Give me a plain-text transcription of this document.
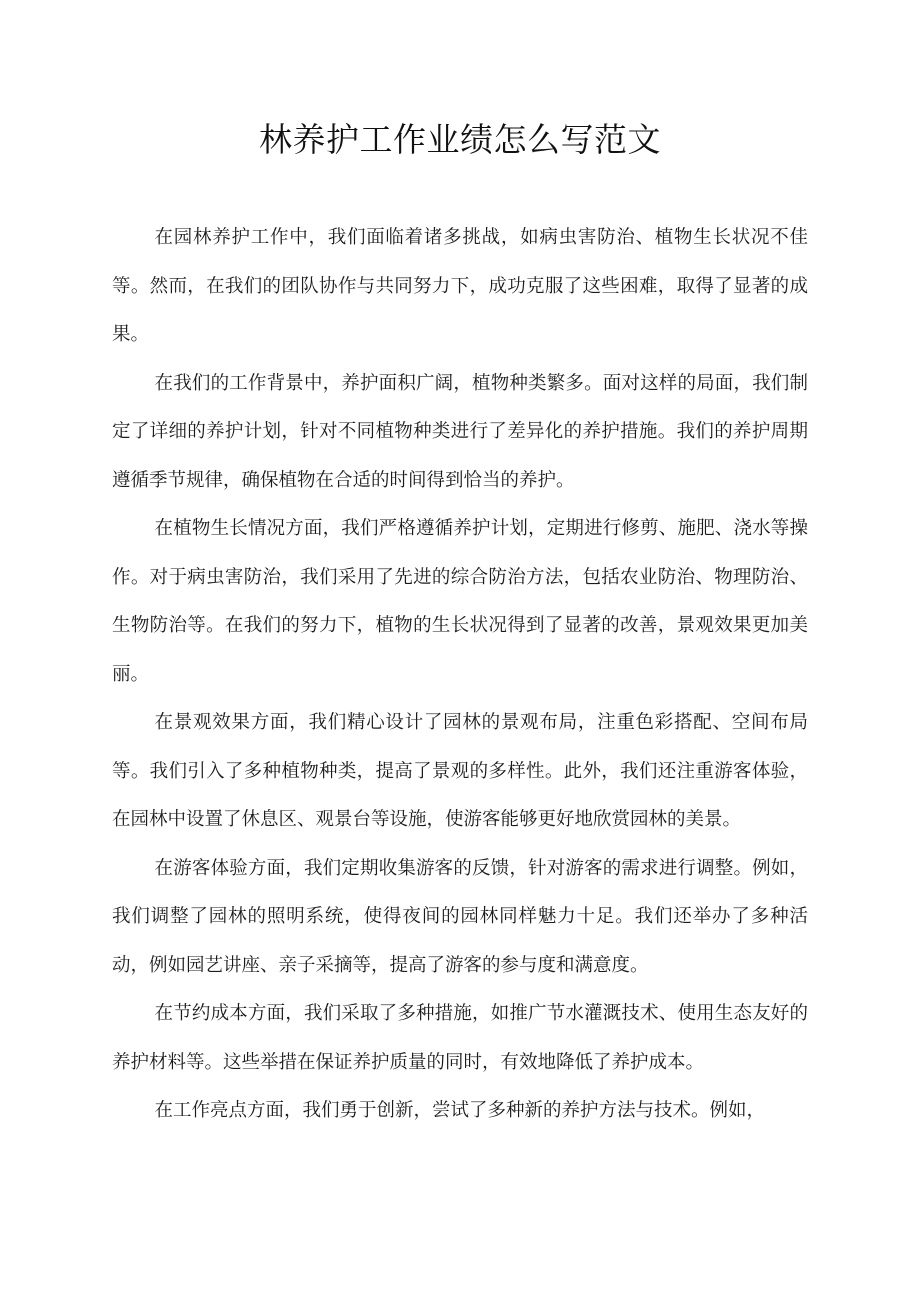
林养护工作业绩怎么写范文

在园林养护工作中，我们面临着诸多挑战，如病虫害防治、植物生长状况不佳等。然而，在我们的团队协作与共同努力下，成功克服了这些困难，取得了显著的成果。

在我们的工作背景中，养护面积广阔，植物种类繁多。面对这样的局面，我们制定了详细的养护计划，针对不同植物种类进行了差异化的养护措施。我们的养护周期遵循季节规律，确保植物在合适的时间得到恰当的养护。

在植物生长情况方面，我们严格遵循养护计划，定期进行修剪、施肥、浇水等操作。对于病虫害防治，我们采用了先进的综合防治方法，包括农业防治、物理防治、生物防治等。在我们的努力下，植物的生长状况得到了显著的改善，景观效果更加美丽。

在景观效果方面，我们精心设计了园林的景观布局，注重色彩搭配、空间布局等。我们引入了多种植物种类，提高了景观的多样性。此外，我们还注重游客体验，在园林中设置了休息区、观景台等设施，使游客能够更好地欣赏园林的美景。

在游客体验方面，我们定期收集游客的反馈，针对游客的需求进行调整。例如，我们调整了园林的照明系统，使得夜间的园林同样魅力十足。我们还举办了多种活动，例如园艺讲座、亲子采摘等，提高了游客的参与度和满意度。

在节约成本方面，我们采取了多种措施，如推广节水灌溉技术、使用生态友好的养护材料等。这些举措在保证养护质量的同时，有效地降低了养护成本。

在工作亮点方面，我们勇于创新，尝试了多种新的养护方法与技术。例如，
